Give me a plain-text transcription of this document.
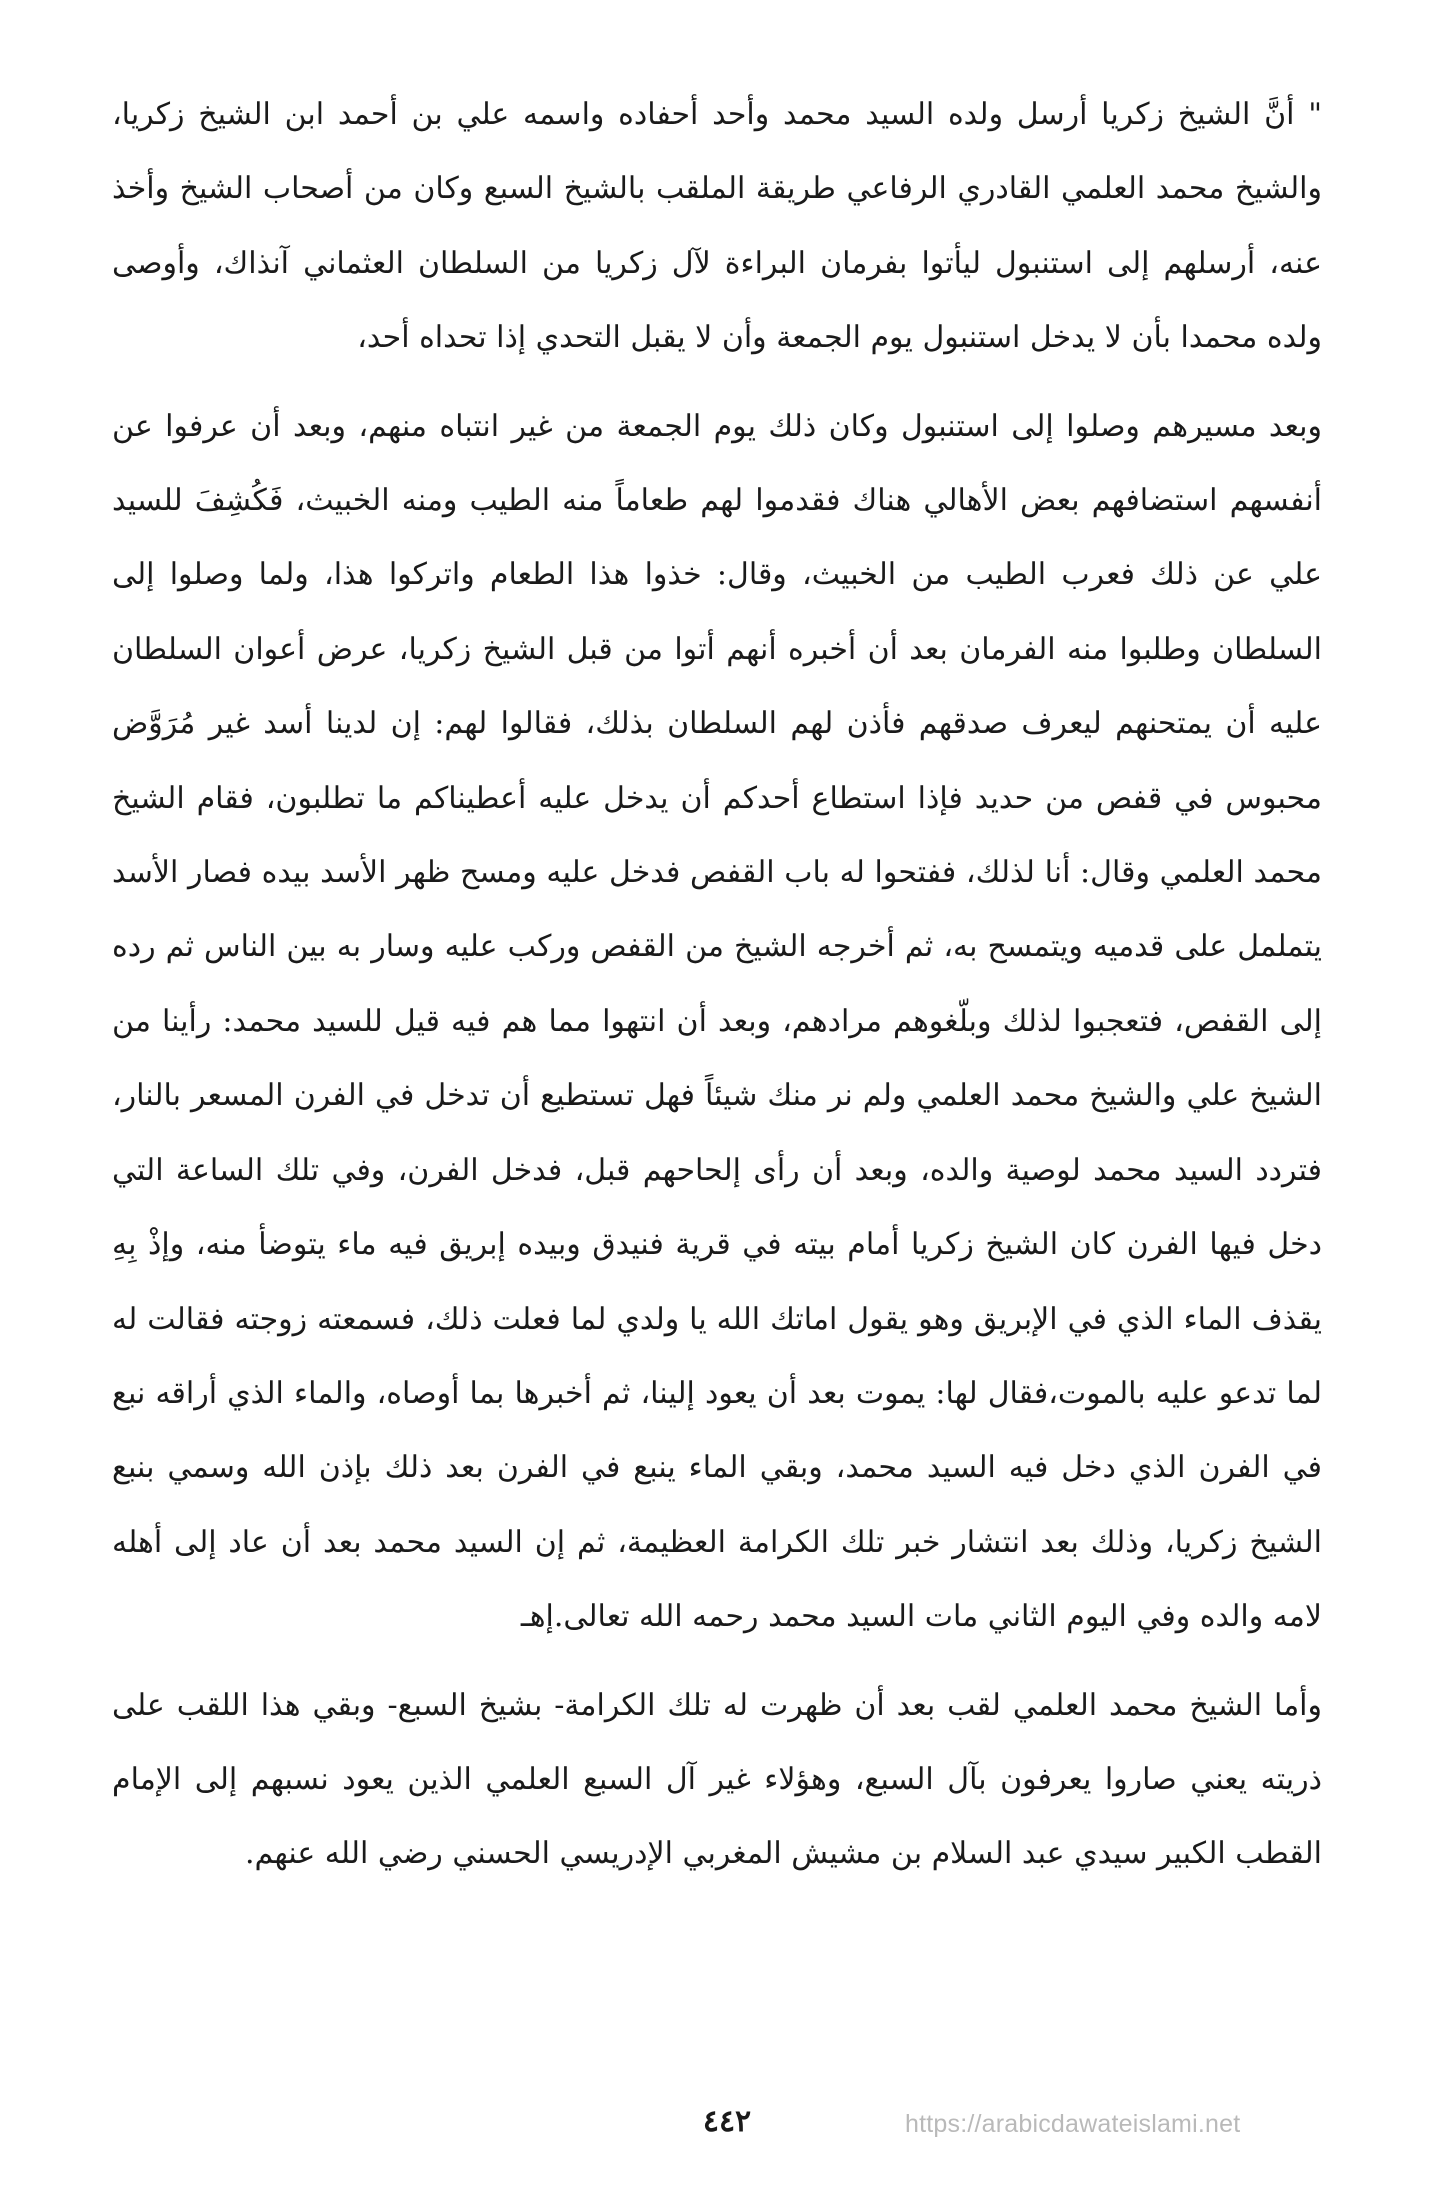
" أنَّ الشيخ زكريا أرسل ولده السيد محمد وأحد أحفاده واسمه علي بن أحمد ابن الشيخ زكريا، والشيخ محمد العلمي القادري الرفاعي طريقة الملقب بالشيخ السبع وكان من أصحاب الشيخ وأخذ عنه، أرسلهم إلى استنبول ليأتوا بفرمان البراءة لآل زكريا من السلطان العثماني آنذاك، وأوصى ولده محمدا بأن لا يدخل استنبول يوم الجمعة وأن لا يقبل التحدي إذا تحداه أحد،

وبعد مسيرهم وصلوا إلى استنبول وكان ذلك يوم الجمعة من غير انتباه منهم، وبعد أن عرفوا عن أنفسهم استضافهم بعض الأهالي هناك فقدموا لهم طعاماً منه الطيب ومنه الخبيث، فَكُشِفَ للسيد علي عن ذلك فعرب الطيب من الخبيث، وقال: خذوا هذا الطعام واتركوا هذا، ولما وصلوا إلى السلطان وطلبوا منه الفرمان بعد أن أخبره أنهم أتوا من قبل الشيخ زكريا، عرض أعوان السلطان عليه أن يمتحنهم ليعرف صدقهم فأذن لهم السلطان بذلك، فقالوا لهم: إن لدينا أسد غير مُرَوَّض محبوس في قفص من حديد فإذا استطاع أحدكم أن يدخل عليه أعطيناكم ما تطلبون، فقام الشيخ محمد العلمي وقال: أنا لذلك، ففتحوا له باب القفص فدخل عليه ومسح ظهر الأسد بيده فصار الأسد يتململ على قدميه ويتمسح به، ثم أخرجه الشيخ من القفص وركب عليه وسار به بين الناس ثم رده إلى القفص، فتعجبوا لذلك وبلّغوهم مرادهم، وبعد أن انتهوا مما هم فيه قيل للسيد محمد: رأينا من الشيخ علي والشيخ محمد العلمي ولم نر منك شيئاً فهل تستطيع أن تدخل في الفرن المسعر بالنار، فتردد السيد محمد لوصية والده، وبعد أن رأى إلحاحهم قبل، فدخل الفرن، وفي تلك الساعة التي دخل فيها الفرن كان الشيخ زكريا أمام بيته في قرية فنيدق وبيده إبريق فيه ماء يتوضأ منه، وإذْ بِهِ يقذف الماء الذي في الإبريق وهو يقول اماتك الله يا ولدي لما فعلت ذلك، فسمعته زوجته فقالت له لما تدعو عليه بالموت،فقال لها: يموت بعد أن يعود إلينا، ثم أخبرها بما أوصاه، والماء الذي أراقه نبع في الفرن الذي دخل فيه السيد محمد، وبقي الماء ينبع في الفرن بعد ذلك بإذن الله وسمي بنبع الشيخ زكريا، وذلك بعد انتشار خبر تلك الكرامة العظيمة، ثم إن السيد محمد بعد أن عاد إلى أهله لامه والده وفي اليوم الثاني مات السيد محمد رحمه الله تعالى.إهـ

وأما الشيخ محمد العلمي لقب بعد أن ظهرت له تلك الكرامة- بشيخ السبع- وبقي هذا اللقب على ذريته يعني صاروا يعرفون بآل السبع، وهؤلاء غير آل السبع العلمي الذين يعود نسبهم إلى الإمام القطب الكبير سيدي عبد السلام بن مشيش المغربي الإدريسي الحسني رضي الله عنهم.

٤٤٢	https://arabicdawateislami.net
